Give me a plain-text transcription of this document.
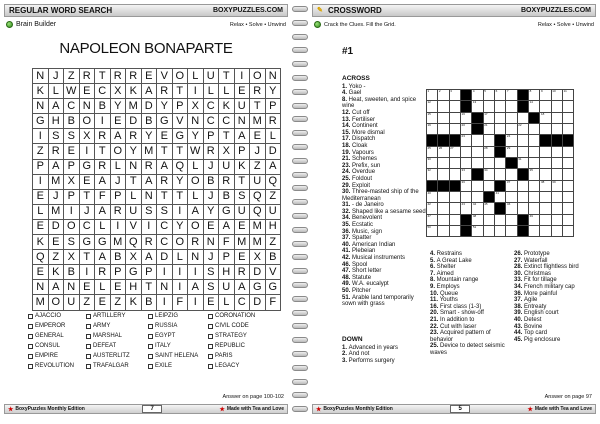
REGULAR WORD SEARCH	BOXYPUZZLES.COM
Brain Builder	Relax • Solve • Unwind
NAPOLEON BONAPARTE
N	J	Z	R	T	R	R	E	V	O	L	U	T	I	O	N
K	L	W	E	C	X	K	A	R	T	I	L	L	E	R	Y
N	A	C	N	B	Y	M	D	Y	P	X	C	K	U	T	P
G	H	B	O	I	E	D	B	G	V	N	C	C	N	M	R
I	S	S	X	R	A	R	Y	E	G	Y	P	T	A	E	L
Z	R	E	I	T	O	Y	M	T	T	W	R	X	P	J	D
P	A	P	G	R	L	N	R	A	Q	L	J	U	K	Z	A
I	M	X	E	A	J	T	A	R	Y	O	B	R	T	U	Q
E	J	P	T	F	P	L	N	T	T	L	J	B	S	Q	Z
L	M	I	J	A	R	U	S	S	I	A	Y	G	U	Q	U
E	D	O	C	L	I	V	I	C	Y	O	E	A	E	M	H
K	E	S	G	G	M	Q	R	C	O	R	N	F	M	M	Z
Q	Z	X	T	A	B	X	A	D	L	N	J	P	E	X	B
E	K	B	I	R	P	G	P	I	I	I	S	H	R	D	V
N	A	N	E	L	E	H	T	N	I	A	S	U	A	G	G
M	O	U	Z	E	Z	K	B	I	F	I	E	L	C	D	F
AJACCIO	ARTILLERY	LEIPZIG	CORONATION
EMPEROR	ARMY	RUSSIA	CIVIL CODE
GENERAL	MARSHAL	EGYPT	STRATEGY
CONSUL	DEFEAT	ITALY	REPUBLIC
EMPIRE	AUSTERLITZ	SAINT HELENA	PARIS
REVOLUTION	TRAFALGAR	EXILE	LEGACY
Answer on page 100-102
★ BoxyPuzzles Monthly Edition	7	★ Made with Tea and Love
✎ CROSSWORD	BOXYPUZZLES.COM
Crack the Clues. Fill the Grid.	Relax • Solve • Unwind
#1
ACROSS
1. Yoko -
4. Gael
8. Heat, sweeten, and spice wine
12. Cut off
13. Fertiliser
14. Continent
15. More dismal
17. Dispatch
18. Cloak
19. Vapours
21. Schemes
23. Prefix, sun
24. Overdue
25. Foldout
29. Exploit
30. Three-masted ship of the Mediterranean
31. - de Janeiro
32. Shaped like a sesame seed
34. Benevolent
35. Ecstatic
36. Music, sign
37. Spatter
40. American Indian
41. Plebeian
42. Musical instruments
46. Spool
47. Short letter
48. Statute
49. W.A. eucalypt
50. Pitcher
51. Arable land temporarily sown with grass
DOWN
1. Advanced in years
2. And not
3. Performs surgery
4. Restrains
5. A Great Lake
6. Shelter
7. Aimed
8. Mountain range
9. Employs
10. Queue
11. Youths
16. First class (1-3)
20. Smart - show-off
21. In addition to
22. Cut with laser
23. Acquired pattern of behavior
25. Device to detect seismic waves
26. Prototype
27. Waterfall
28. Extinct flightless bird
30. Christmas
33. Fit for tillage
34. French military cap
36. More painful
37. Agile
38. Entreaty
39. English court
40. Detest
43. Bovine
44. Top card
45. Pig enclosure
1	2	3		4	5	6	7		8	9	10	11

12				13					14			

15			16		17					18		

19			20		21			22				

			23				24					

25	26	27			28		29					

30								31				

32			33		34				35			

			36				37			38	39	

40						41						

42			43	44	45		46					

47				48					49			

50				51								

Answer on page 97
★ BoxyPuzzles Monthly Edition	5	★ Made with Tea and Love
